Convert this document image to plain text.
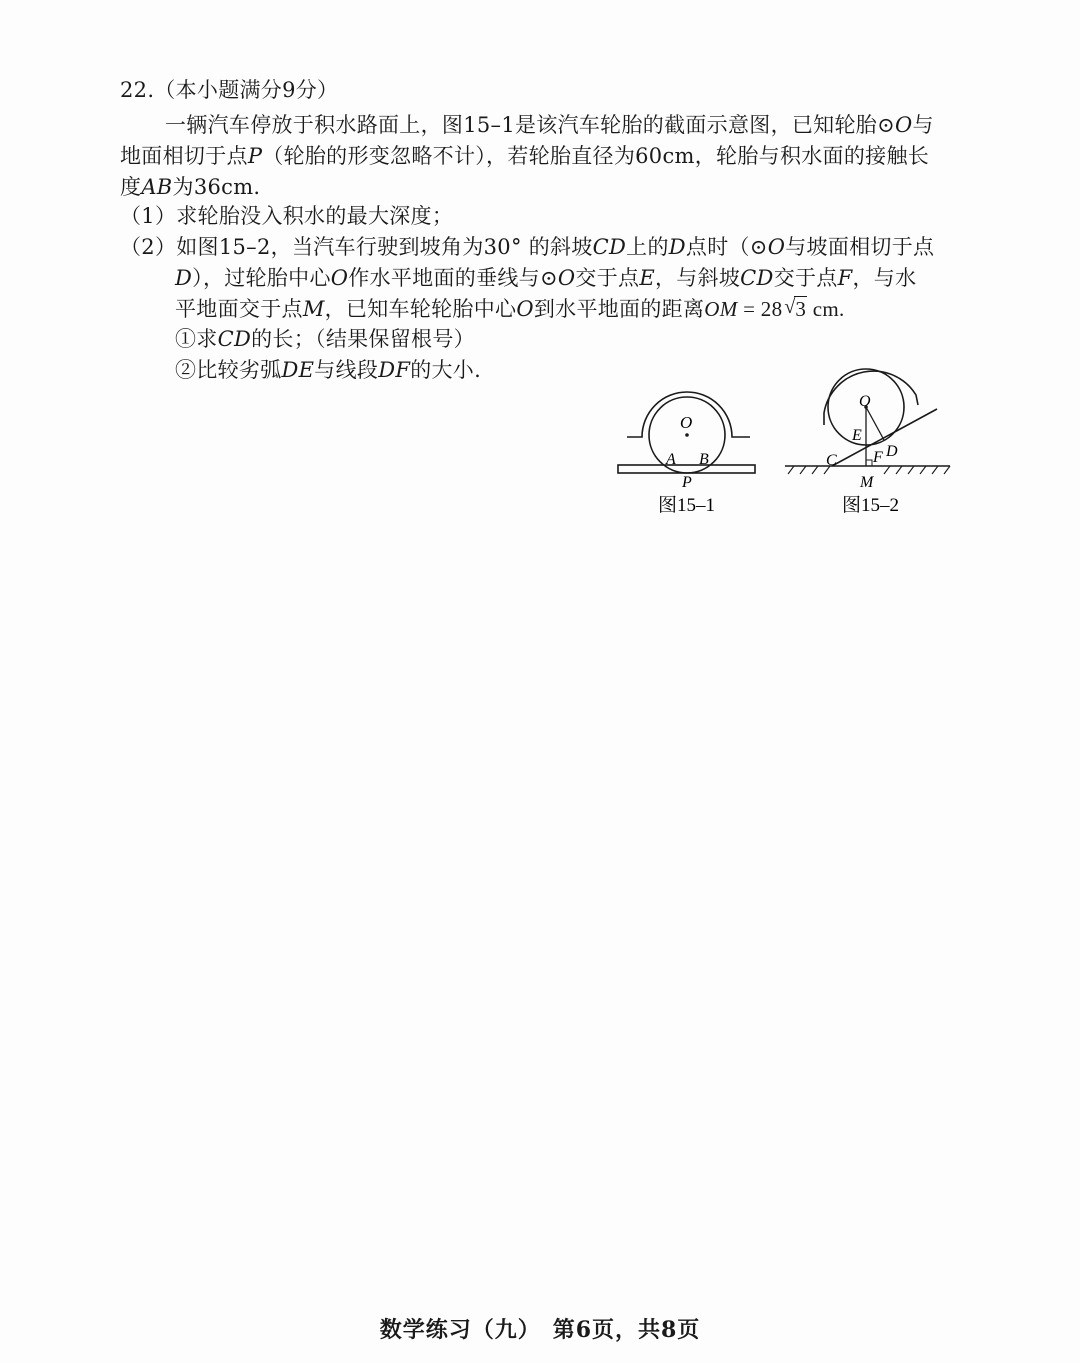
22.（本小题满分9分）
一辆汽车停放于积水路面上，图15–1是该汽车轮胎的截面示意图，已知轮胎⊙O与
地面相切于点P（轮胎的形变忽略不计），若轮胎直径为60cm，轮胎与积水面的接触长
度AB为36cm.
（1）求轮胎没入积水的最大深度；
（2）如图15–2，当汽车行驶到坡角为30° 的斜坡CD上的D点时（⊙O与坡面相切于点
D），过轮胎中心O作水平地面的垂线与⊙O交于点E，与斜坡CD交于点F，与水
平地面交于点M，已知车轮轮胎中心O到水平地面的距离OM = 28 √ 3 cm.
①求CD的长；（结果保留根号）
②比较劣弧DE与线段DF的大小.
O
A B
P
图15–1
O
E
D
C F
M
图15–2
数学练习（九）　第6页，共8页
